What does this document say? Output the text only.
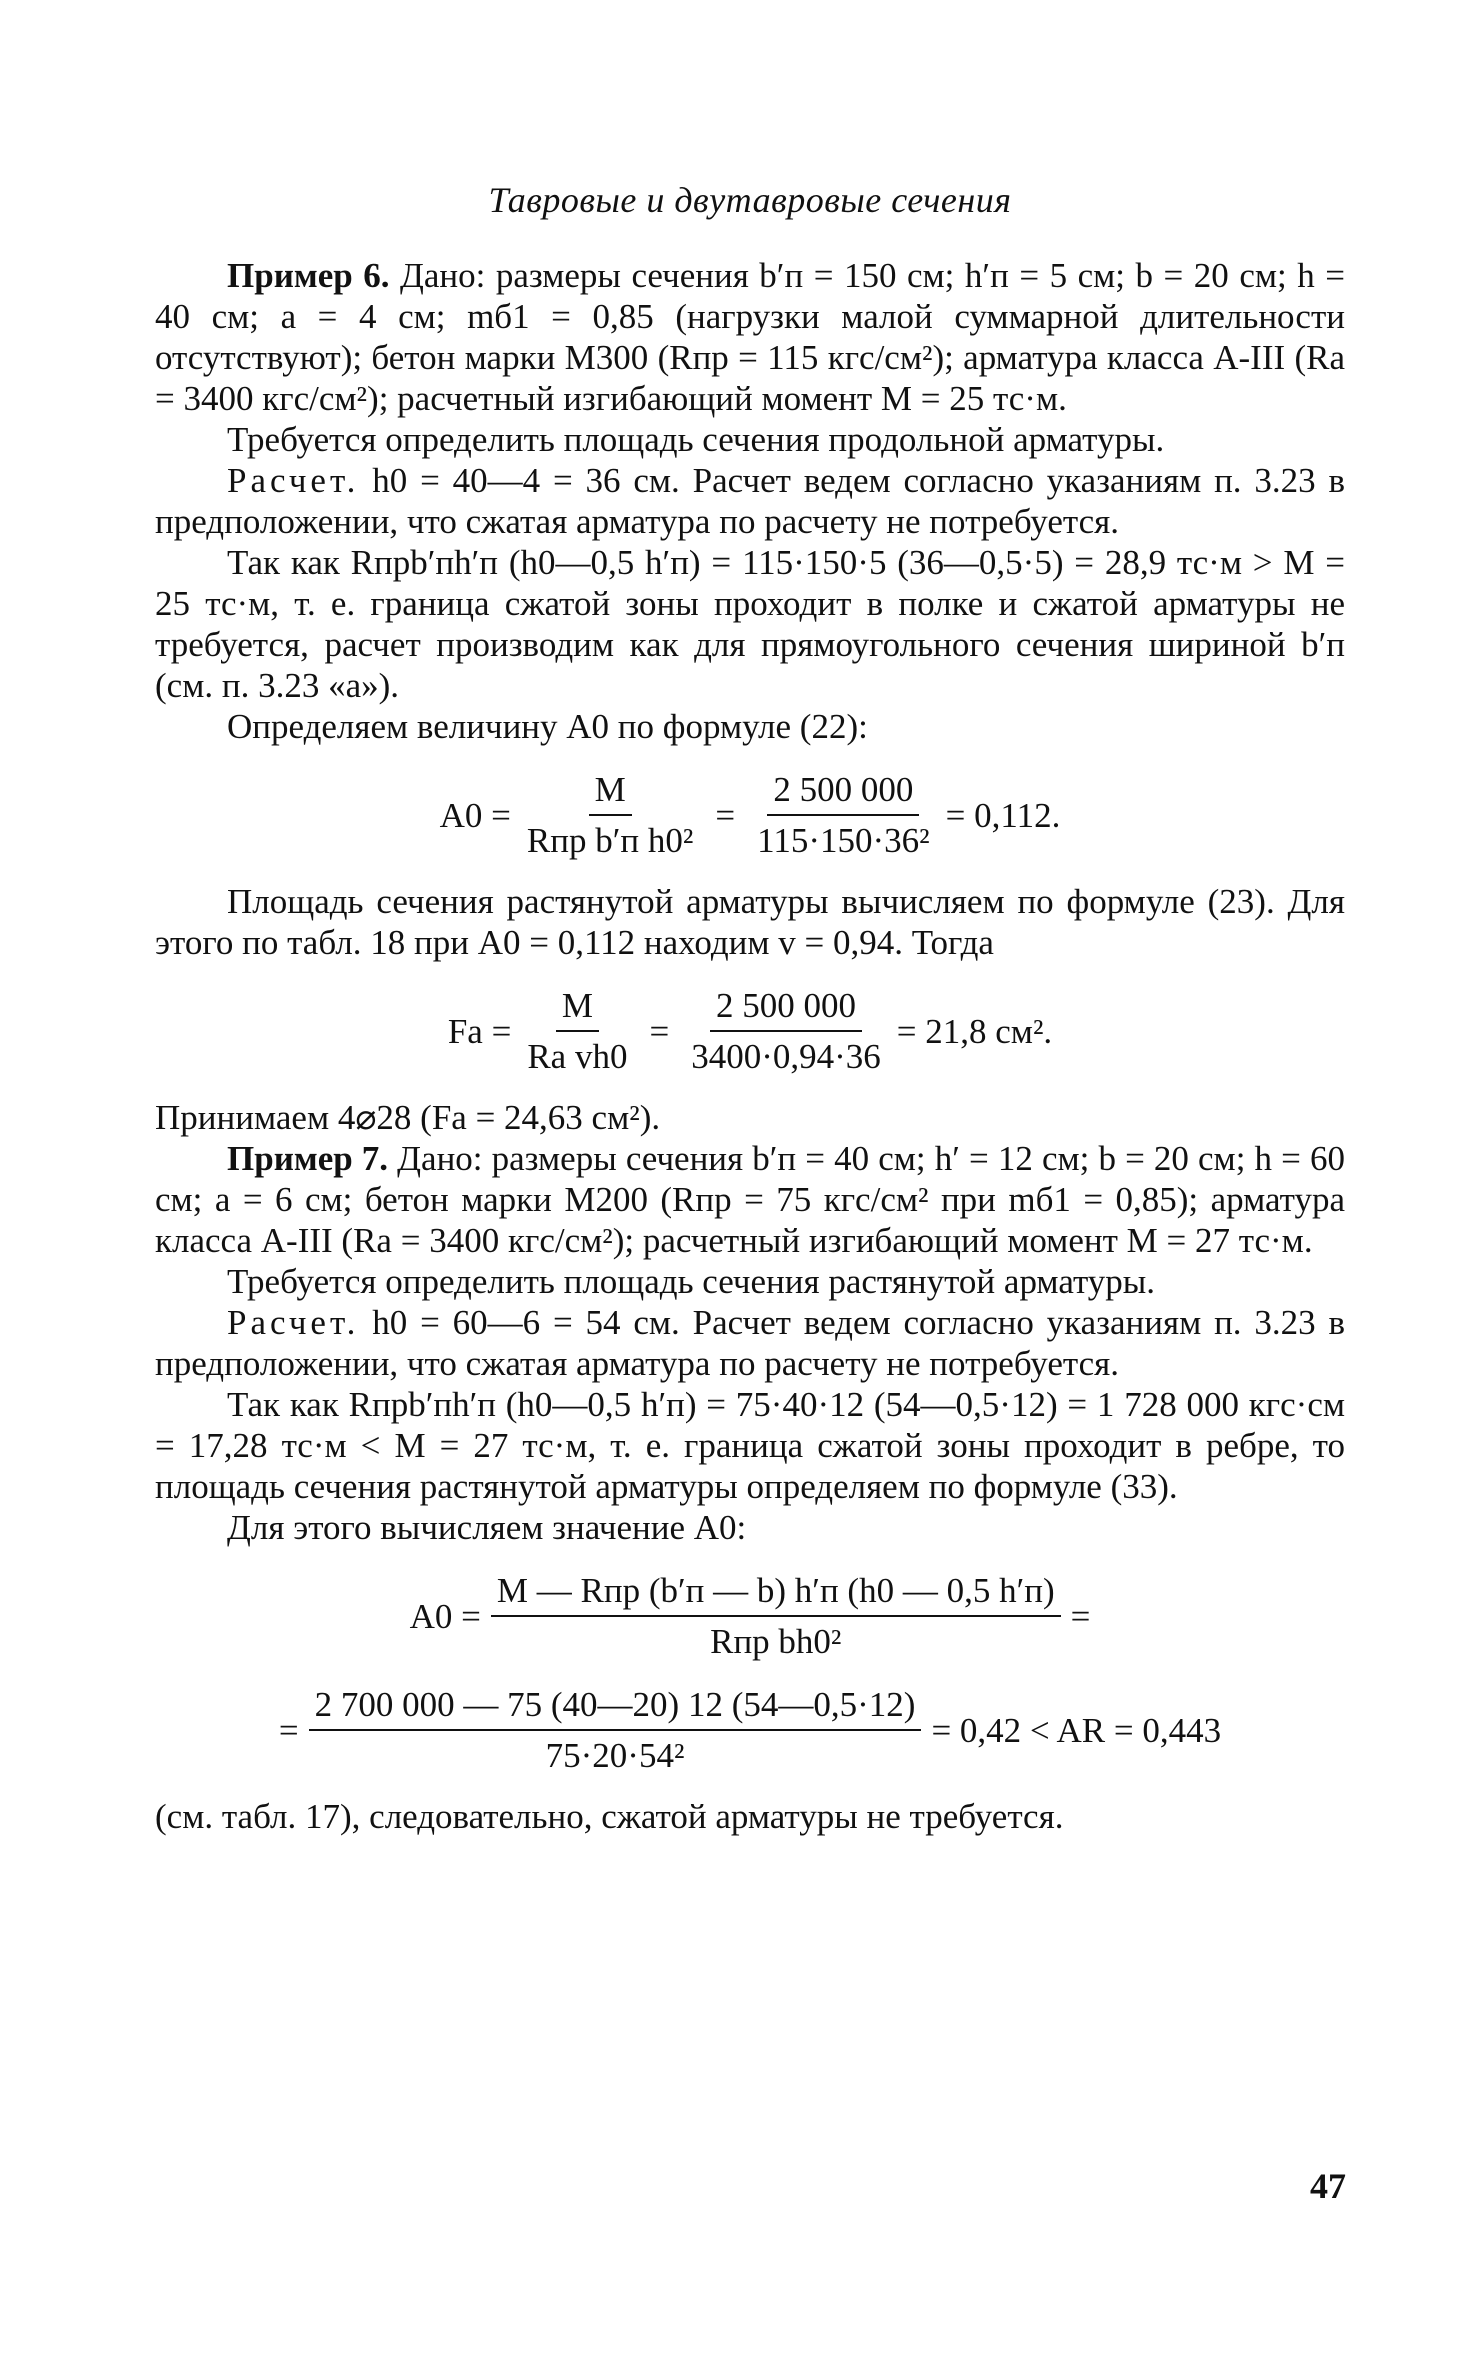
Тавровые и двутавровые сечения

Пример 6. Дано: размеры сечения b′п = 150 см; h′п = 5 см; b = 20 см; h = 40 см; a = 4 см; mб1 = 0,85 (нагрузки малой суммарной длительности отсутствуют); бетон марки М300 (Rпр = 115 кгс/см²); арматура класса А-III (Rа = 3400 кгс/см²); расчетный изгибающий момент M = 25 тс·м.

Требуется определить площадь сечения продольной арматуры.

Расчет. h0 = 40—4 = 36 см. Расчет ведем согласно указаниям п. 3.23 в предположении, что сжатая арматура по расчету не потребуется.

Так как Rпрb′пh′п (h0—0,5 h′п) = 115·150·5 (36—0,5·5) = 28,9 тс·м > M = 25 тс·м, т. е. граница сжатой зоны проходит в полке и сжатой арматуры не требуется, расчет производим как для прямоугольного сечения шириной b′п (см. п. 3.23 «а»).

Определяем величину A0 по формуле (22):

$A0 = \frac{M}{\text{Rпр b′п h0²}} = \frac{2 500 000}{\text{115·150·36²}} = 0,112$.

Площадь сечения растянутой арматуры вычисляем по формуле (23). Для этого по табл. 18 при A0 = 0,112 находим v = 0,94. Тогда

Fа = $\frac{M}{\text{Rа vh0}} = \frac{2 500 000}{3400\cdot 0,94\cdot 36} = 21,8$ см².

Принимаем 4⌀28 (Fа = 24,63 см²).

Пример 7. Дано: размеры сечения b′п = 40 см; h′ = 12 см; b = 20 см; h = 60 см; a = 6 см; бетон марки М200 (Rпр = 75 кгс/см² при mб1 = 0,85); арматура класса А-III (Rа = 3400 кгс/см²); расчетный изгибающий момент M = 27 тс·м.

Требуется определить площадь сечения растянутой арматуры.

Расчет. h0 = 60—6 = 54 см. Расчет ведем согласно указаниям п. 3.23 в предположении, что сжатая арматура по расчету не потребуется.

Так как Rпрb′пh′п (h0—0,5 h′п) = 75·40·12 (54—0,5·12) = 1 728 000 кгс·см = 17,28 тс·м < M = 27 тс·м, т. е. граница сжатой зоны проходит в ребре, то площадь сечения растянутой арматуры определяем по формуле (33).

Для этого вычисляем значение A0:

$A0 = \frac{\text{M — Rпр (b′п — b) h′п (h0 — 0,5 h′п)}}{\text{Rпр bh0²}}$ =
= $\frac{2 700 000 — 75 (40—20) 12 (54—0,5\cdot 12)}{\text{75·20·54²}} = 0,42$ < AR = 0,443

(см. табл. 17), следовательно, сжатой арматуры не требуется.

47
